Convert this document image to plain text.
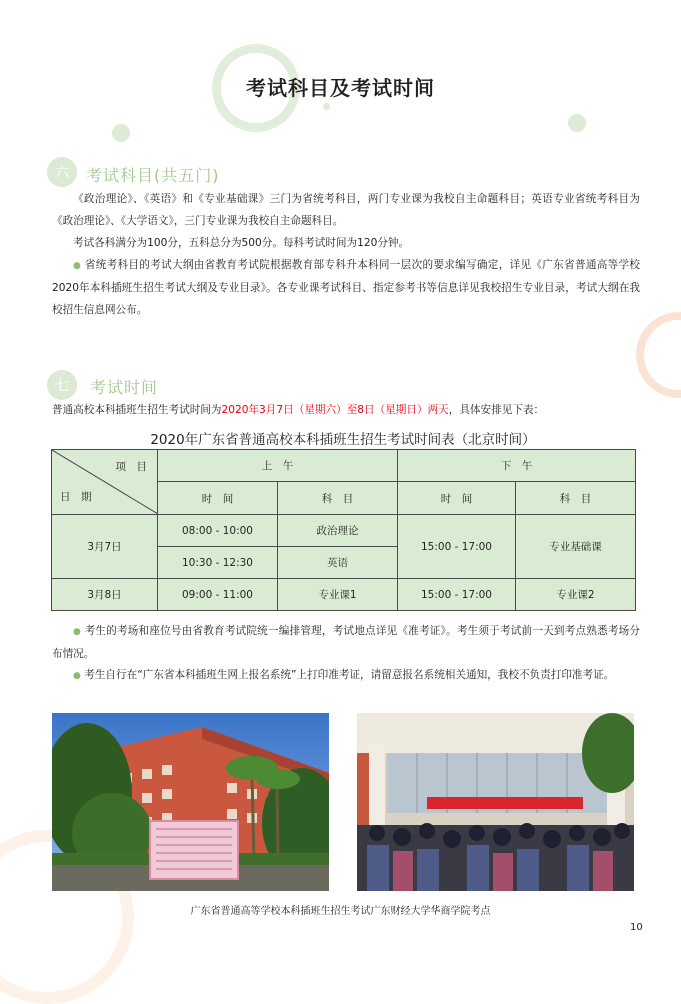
考试科目及考试时间
六	考试科目(共五门)
《政治理论》、《英语》和《专业基础课》三门为省统考科目，两门专业课为我校自主命题科目；英语专业省统考科目为《政治理论》、《大学语文》，三门专业课为我校自主命题科目。
考试各科满分为100分，五科总分为500分。每科考试时间为120分钟。
● 省统考科目的考试大纲由省教育考试院根据教育部专科升本科同一层次的要求编写确定，详见《广东省普通高等学校2020年本科插班生招生考试大纲及专业目录》。各专业课考试科目、指定参考书等信息详见我校招生专业目录，考试大纲在我校招生信息网公布。
七	考试时间
普通高校本科插班生招生考试时间为2020年3月7日（星期六）至8日（星期日）两天，具体安排见下表：
2020年广东省普通高校本科插班生招生考试时间表（北京时间）
项　目
日　期	上　午		下　午	
	时　间	科　目	时　间	科　目
3月7日	08:00 - 10:00	政治理论	15:00 - 17:00	专业基础课
	10:30 - 12:30	英语		
3月8日	09:00 - 11:00	专业课1	15:00 - 17:00	专业课2
● 考生的考场和座位号由省教育考试院统一编排管理，考试地点详见《准考证》。考生须于考试前一天到考点熟悉考场分布情况。
● 考生自行在“广东省本科插班生网上报名系统”上打印准考证，请留意报名系统相关通知，我校不负责打印准考证。
广东省普通高等学校本科插班生招生考试广东财经大学华商学院考点
10
